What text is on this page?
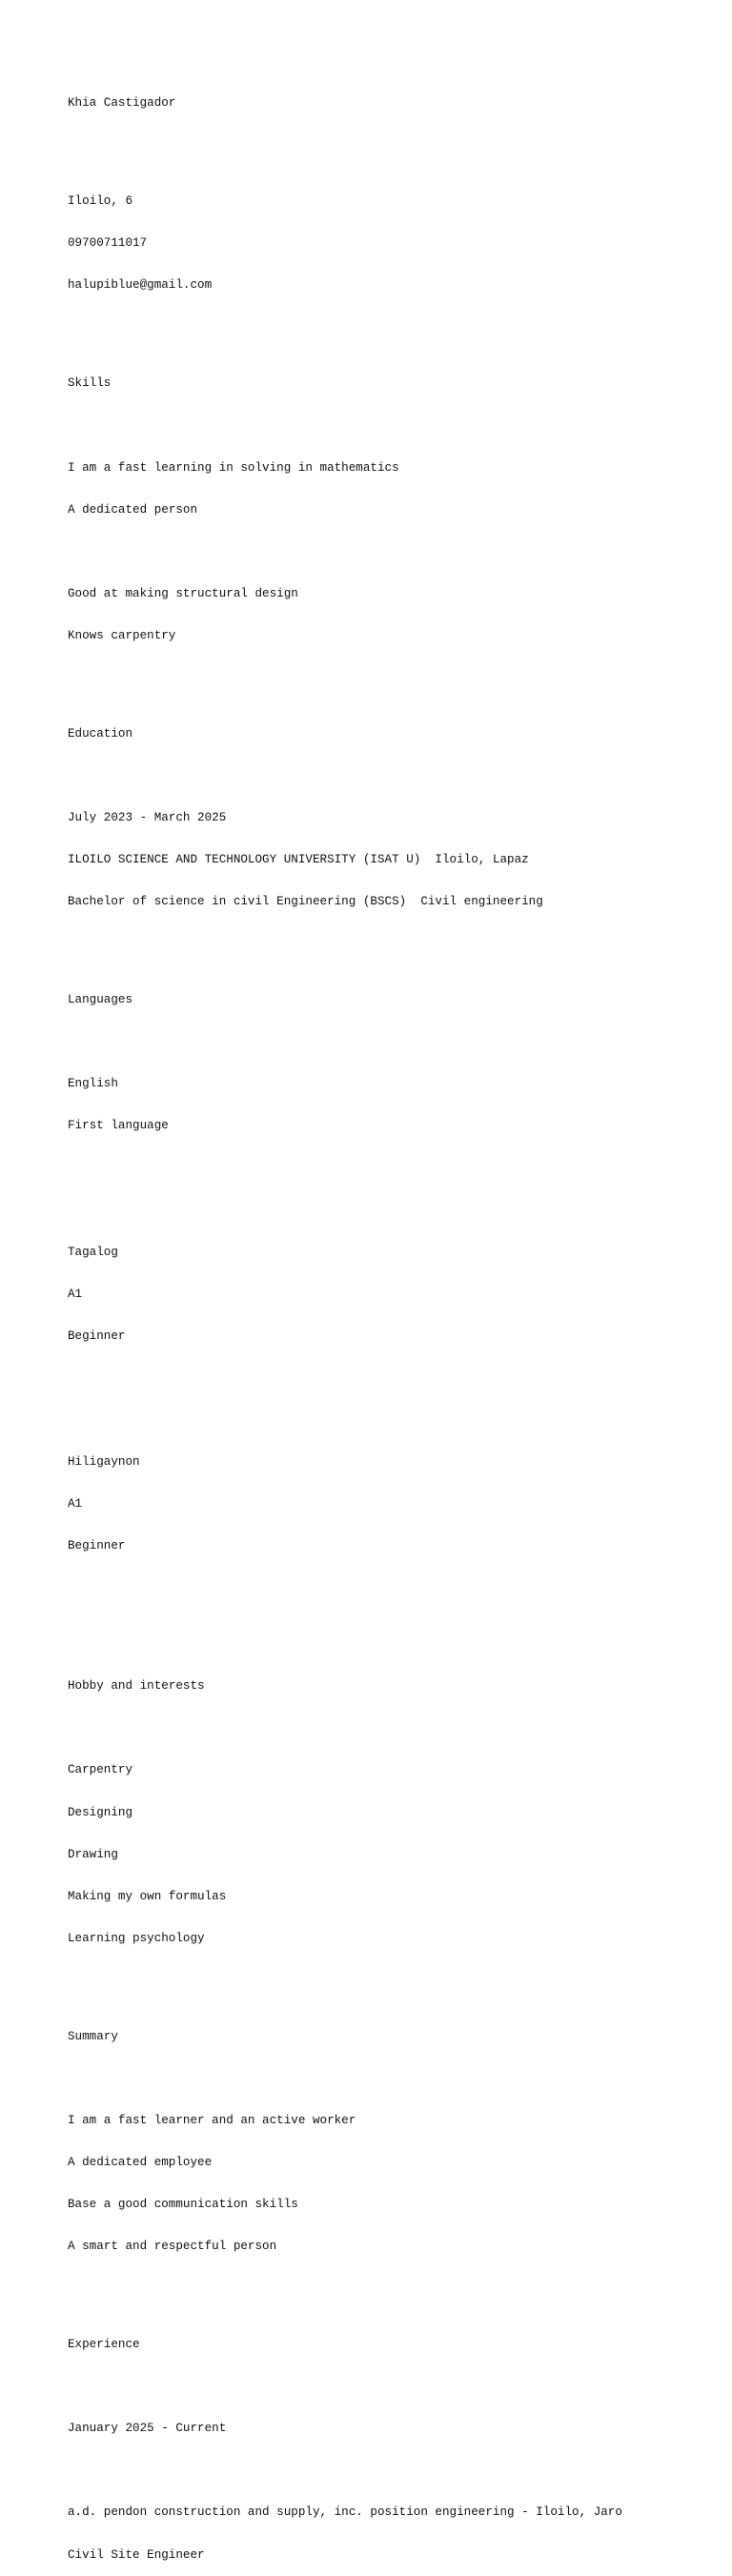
Khia Castigador

Iloilo, 6

09700711017

halupiblue@gmail.com

Skills

I am a fast learning in solving in mathematics

A dedicated person

Good at making structural design

Knows carpentry

Education

July 2023 - March 2025

ILOILO SCIENCE AND TECHNOLOGY UNIVERSITY (ISAT U)  Iloilo, Lapaz

Bachelor of science in civil Engineering (BSCS)  Civil engineering

Languages

English

First language

Tagalog

A1

Beginner

Hiligaynon

A1

Beginner

Hobby and interests

Carpentry

Designing

Drawing

Making my own formulas

Learning psychology

Summary

I am a fast learner and an active worker

A dedicated employee

Base a good communication skills

A smart and respectful person

Experience

January 2025 - Current

a.d. pendon construction and supply, inc. position engineering - Iloilo, Jaro

Civil Site Engineer
